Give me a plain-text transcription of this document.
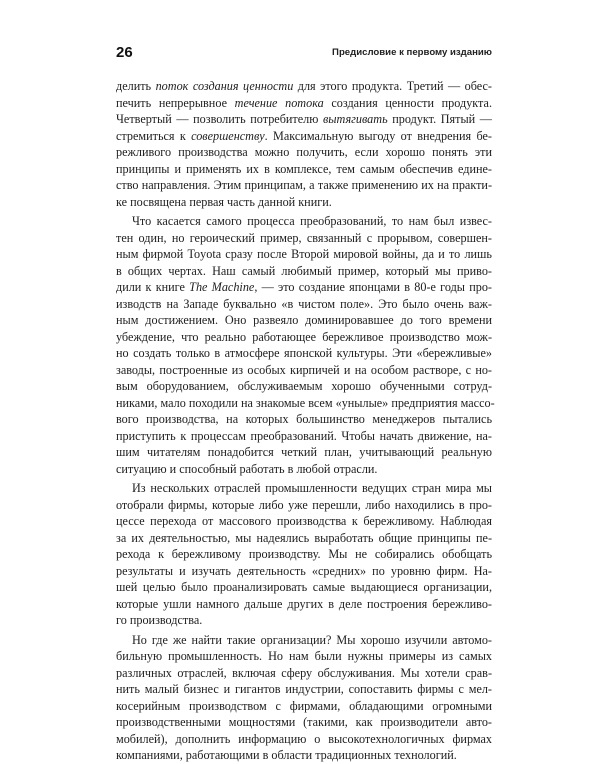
26	Предисловие к первому изданию

делить поток создания ценности для этого продукта. Третий — обес-
печить непрерывное течение потока создания ценности продукта.
Четвертый — позволить потребителю вытягивать продукт. Пятый —
стремиться к совершенству. Максимальную выгоду от внедрения бе-
режливого производства можно получить, если хорошо понять эти
принципы и применять их в комплексе, тем самым обеспечив едине-
ство направления. Этим принципам, а также применению их на практи-
ке посвящена первая часть данной книги.

Что касается самого процесса преобразований, то нам был извес-
тен один, но героический пример, связанный с прорывом, совершен-
ным фирмой Toyota сразу после Второй мировой войны, да и то лишь
в общих чертах. Наш самый любимый пример, который мы приво-
дили к книге The Machine, — это создание японцами в 80-е годы про-
изводств на Западе буквально «в чистом поле». Это было очень важ-
ным достижением. Оно развеяло доминировавшее до того времени
убеждение, что реально работающее бережливое производство мож-
но создать только в атмосфере японской культуры. Эти «бережливые»
заводы, построенные из особых кирпичей и на особом растворе, с но-
вым оборудованием, обслуживаемым хорошо обученными сотруд-
никами, мало походили на знакомые всем «унылые» предприятия массо-
вого производства, на которых большинство менеджеров пытались
приступить к процессам преобразований. Чтобы начать движение, на-
шим читателям понадобится четкий план, учитывающий реальную
ситуацию и способный работать в любой отрасли.

Из нескольких отраслей промышленности ведущих стран мира мы
отобрали фирмы, которые либо уже перешли, либо находились в про-
цессе перехода от массового производства к бережливому. Наблюдая
за их деятельностью, мы надеялись выработать общие принципы пе-
рехода к бережливому производству. Мы не собирались обобщать
результаты и изучать деятельность «средних» по уровню фирм. На-
шей целью было проанализировать самые выдающиеся организации,
которые ушли намного дальше других в деле построения бережливо-
го производства.

Но где же найти такие организации? Мы хорошо изучили автомо-
бильную промышленность. Но нам были нужны примеры из самых
различных отраслей, включая сферу обслуживания. Мы хотели срав-
нить малый бизнес и гигантов индустрии, сопоставить фирмы с мел-
косерийным производством с фирмами, обладающими огромными
производственными мощностями (такими, как производители авто-
мобилей), дополнить информацию о высокотехнологичных фирмах
компаниями, работающими в области традиционных технологий.
